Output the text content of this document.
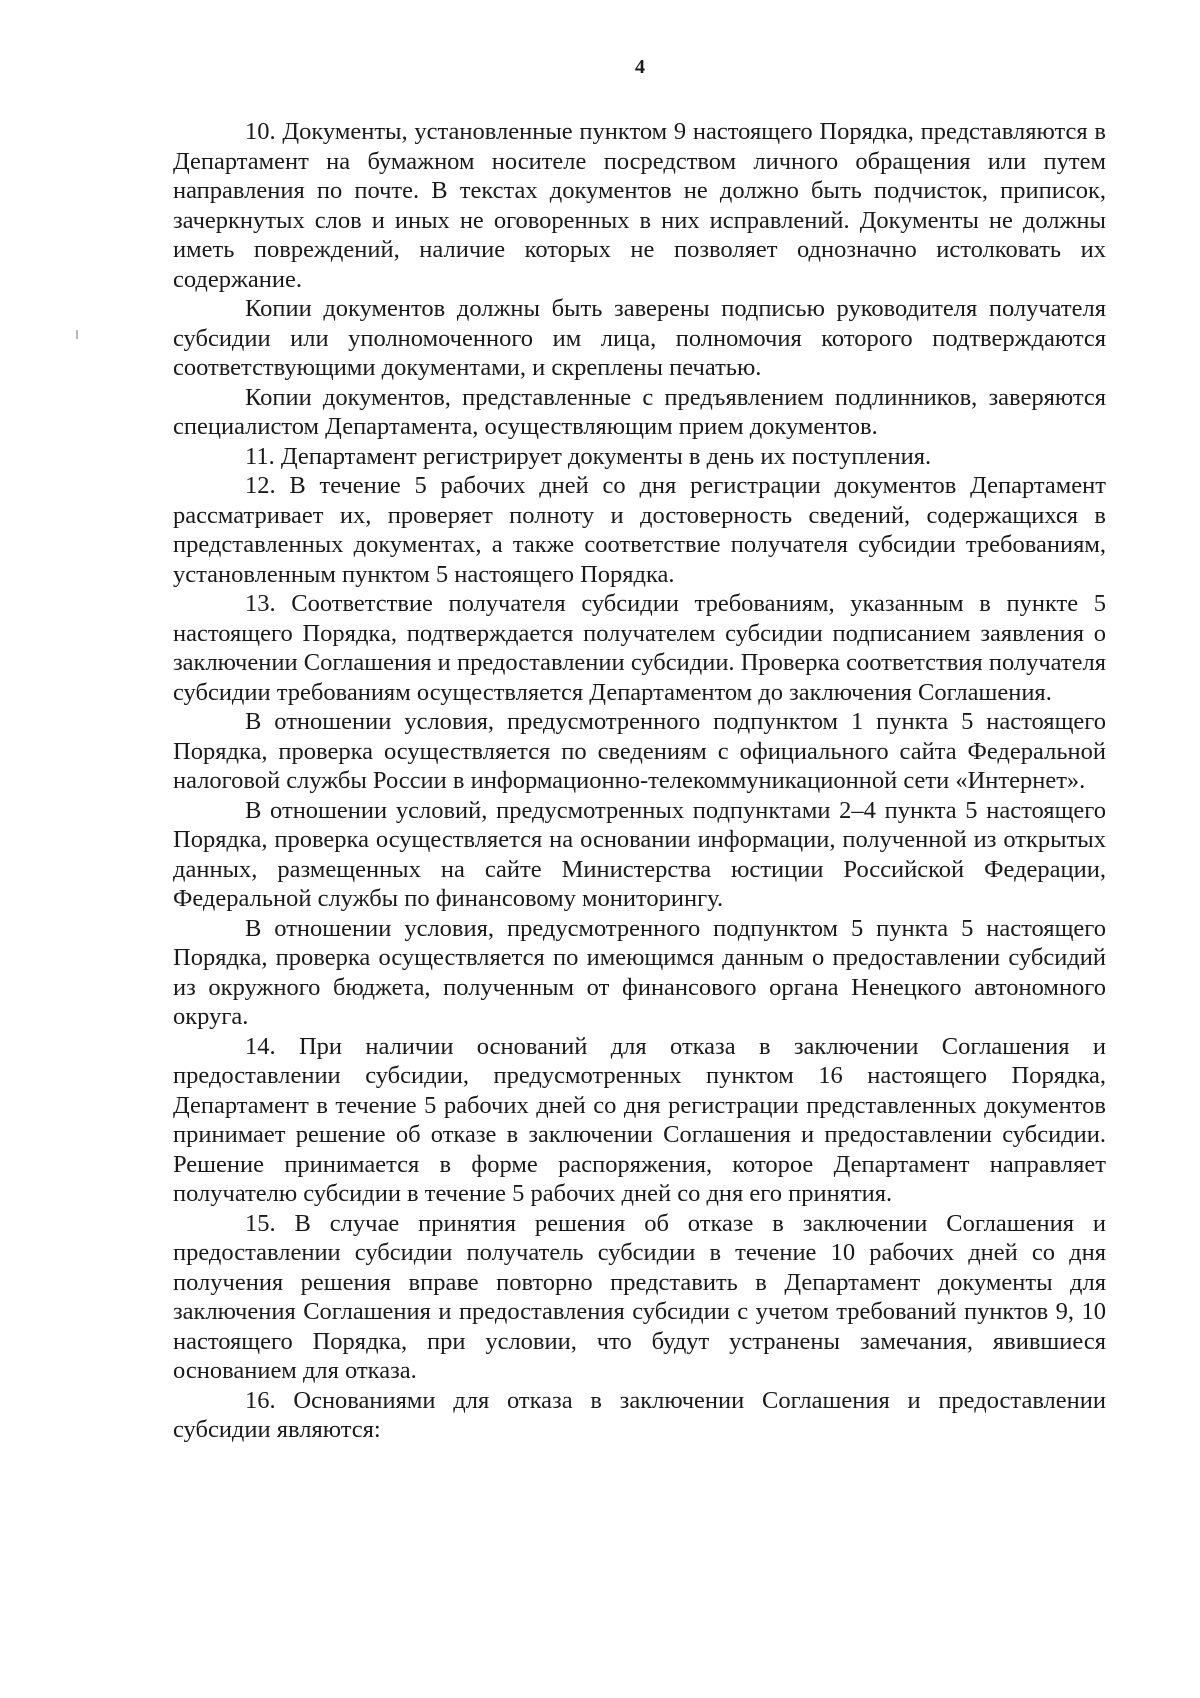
4

10. Документы, установленные пунктом 9 настоящего Порядка, представляются в Департамент на бумажном носителе посредством личного обращения или путем направления по почте. В текстах документов не должно быть подчисток, приписок, зачеркнутых слов и иных не оговоренных в них исправлений. Документы не должны иметь повреждений, наличие которых не позволяет однозначно истолковать их содержание.

Копии документов должны быть заверены подписью руководителя получателя субсидии или уполномоченного им лица, полномочия которого подтверждаются соответствующими документами, и скреплены печатью.

Копии документов, представленные с предъявлением подлинников, заверяются специалистом Департамента, осуществляющим прием документов.

11. Департамент регистрирует документы в день их поступления.

12. В течение 5 рабочих дней со дня регистрации документов Департамент рассматривает их, проверяет полноту и достоверность сведений, содержащихся в представленных документах, а также соответствие получателя субсидии требованиям, установленным пунктом 5 настоящего Порядка.

13. Соответствие получателя субсидии требованиям, указанным в пункте 5 настоящего Порядка, подтверждается получателем субсидии подписанием заявления о заключении Соглашения и предоставлении субсидии. Проверка соответствия получателя субсидии требованиям осуществляется Департаментом до заключения Соглашения.

В отношении условия, предусмотренного подпунктом 1 пункта 5 настоящего Порядка, проверка осуществляется по сведениям с официального сайта Федеральной налоговой службы России в информационно-телекоммуникационной сети «Интернет».

В отношении условий, предусмотренных подпунктами 2–4 пункта 5 настоящего Порядка, проверка осуществляется на основании информации, полученной из открытых данных, размещенных на сайте Министерства юстиции Российской Федерации, Федеральной службы по финансовому мониторингу.

В отношении условия, предусмотренного подпунктом 5 пункта 5 настоящего Порядка, проверка осуществляется по имеющимся данным о предоставлении субсидий из окружного бюджета, полученным от финансового органа Ненецкого автономного округа.

14. При наличии оснований для отказа в заключении Соглашения и предоставлении субсидии, предусмотренных пунктом 16 настоящего Порядка, Департамент в течение 5 рабочих дней со дня регистрации представленных документов принимает решение об отказе в заключении Соглашения и предоставлении субсидии. Решение принимается в форме распоряжения, которое Департамент направляет получателю субсидии в течение 5 рабочих дней со дня его принятия.

15. В случае принятия решения об отказе в заключении Соглашения и предоставлении субсидии получатель субсидии в течение 10 рабочих дней со дня получения решения вправе повторно представить в Департамент документы для заключения Соглашения и предоставления субсидии с учетом требований пунктов 9, 10 настоящего Порядка, при условии, что будут устранены замечания, явившиеся основанием для отказа.

16. Основаниями для отказа в заключении Соглашения и предоставлении субсидии являются:
